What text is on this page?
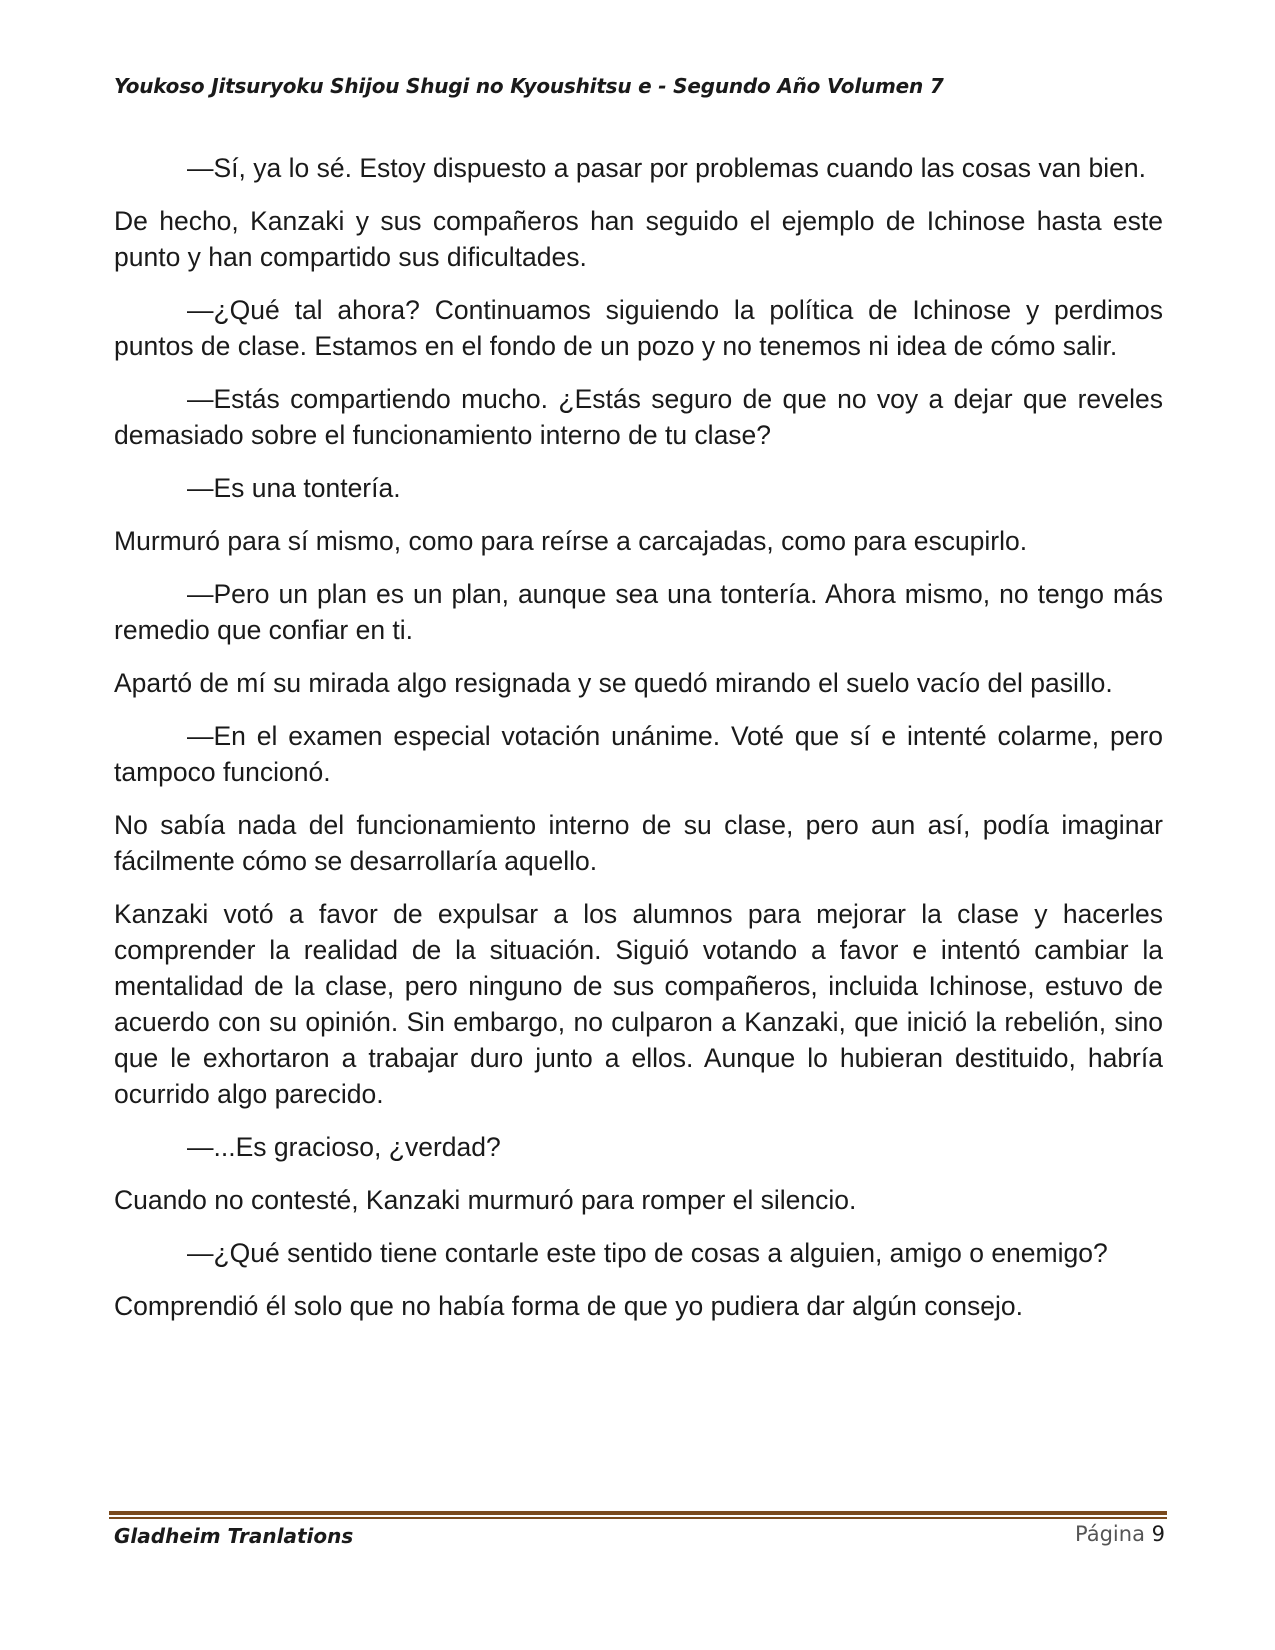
Youkoso Jitsuryoku Shijou Shugi no Kyoushitsu e - Segundo Año Volumen 7

—Sí, ya lo sé. Estoy dispuesto a pasar por problemas cuando las cosas van bien.

De hecho, Kanzaki y sus compañeros han seguido el ejemplo de Ichinose hasta este punto y han compartido sus dificultades.

—¿Qué tal ahora? Continuamos siguiendo la política de Ichinose y perdimos puntos de clase. Estamos en el fondo de un pozo y no tenemos ni idea de cómo salir.

—Estás compartiendo mucho. ¿Estás seguro de que no voy a dejar que reveles demasiado sobre el funcionamiento interno de tu clase?

—Es una tontería.

Murmuró para sí mismo, como para reírse a carcajadas, como para escupirlo.

—Pero un plan es un plan, aunque sea una tontería. Ahora mismo, no tengo más remedio que confiar en ti.

Apartó de mí su mirada algo resignada y se quedó mirando el suelo vacío del pasillo.

—En el examen especial votación unánime. Voté que sí e intenté colarme, pero tampoco funcionó.

No sabía nada del funcionamiento interno de su clase, pero aun así, podía imaginar fácilmente cómo se desarrollaría aquello.

Kanzaki votó a favor de expulsar a los alumnos para mejorar la clase y hacerles comprender la realidad de la situación. Siguió votando a favor e intentó cambiar la mentalidad de la clase, pero ninguno de sus compañeros, incluida Ichinose, estuvo de acuerdo con su opinión. Sin embargo, no culparon a Kanzaki, que inició la rebelión, sino que le exhortaron a trabajar duro junto a ellos. Aunque lo hubieran destituido, habría ocurrido algo parecido.

—...Es gracioso, ¿verdad?

Cuando no contesté, Kanzaki murmuró para romper el silencio.

—¿Qué sentido tiene contarle este tipo de cosas a alguien, amigo o enemigo?

Comprendió él solo que no había forma de que yo pudiera dar algún consejo.

Gladheim Tranlations	Página 9
